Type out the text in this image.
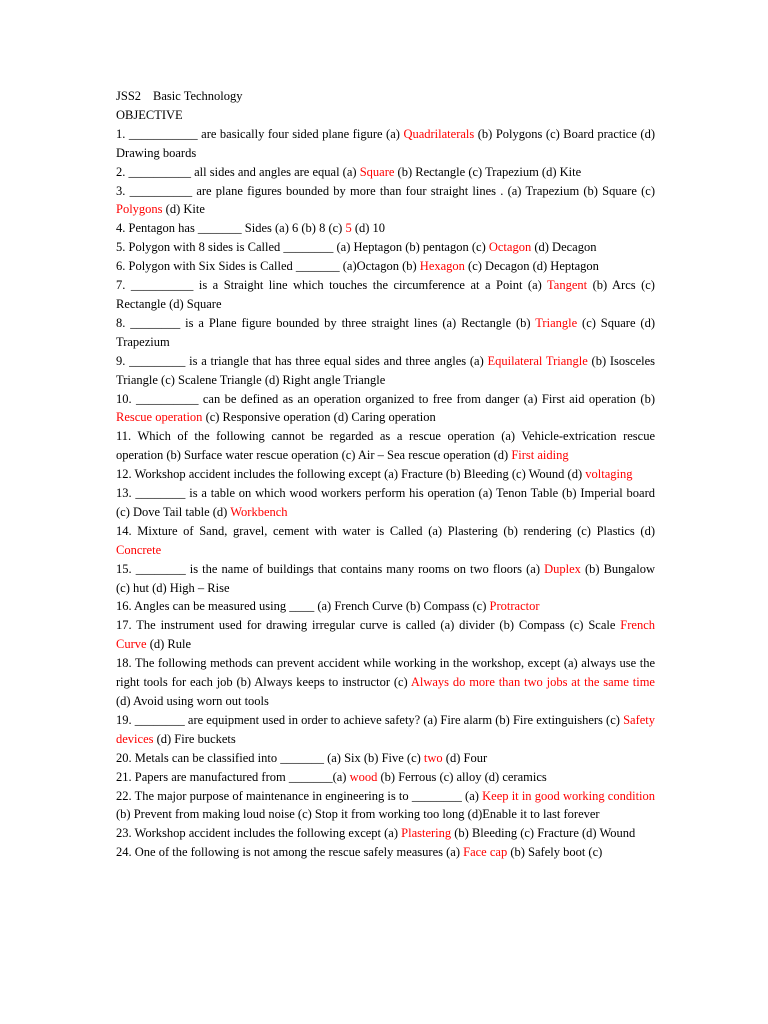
JSS2 Basic Technology
OBJECTIVE

1. ___________ are basically four sided plane figure (a) Quadrilaterals (b) Polygons (c) Board practice (d) Drawing boards

2. __________ all sides and angles are equal (a) Square (b) Rectangle (c) Trapezium (d) Kite

3. __________ are plane figures bounded by more than four straight lines . (a) Trapezium (b) Square (c) Polygons (d) Kite

4. Pentagon has _______ Sides (a) 6 (b) 8 (c) 5 (d) 10

5. Polygon with 8 sides is Called ________ (a) Heptagon (b) pentagon (c) Octagon (d) Decagon

6. Polygon with Six Sides is Called _______ (a)Octagon (b) Hexagon (c) Decagon (d) Heptagon

7. __________ is a Straight line which touches the circumference at a Point (a) Tangent (b) Arcs (c) Rectangle (d) Square

8. ________ is a Plane figure bounded by three straight lines (a) Rectangle (b) Triangle (c) Square (d) Trapezium

9. _________ is a triangle that has three equal sides and three angles (a) Equilateral Triangle (b) Isosceles Triangle (c) Scalene Triangle (d) Right angle Triangle

10. __________ can be defined as an operation organized to free from danger (a) First aid operation (b) Rescue operation (c) Responsive operation (d) Caring operation

11. Which of the following cannot be regarded as a rescue operation (a) Vehicle-extrication rescue operation (b) Surface water rescue operation (c) Air – Sea rescue operation (d) First aiding

12. Workshop accident includes the following except (a) Fracture (b) Bleeding (c) Wound (d) voltaging

13. ________ is a table on which wood workers perform his operation (a) Tenon Table (b) Imperial board (c) Dove Tail table (d) Workbench

14. Mixture of Sand, gravel, cement with water is Called (a) Plastering (b) rendering (c) Plastics (d) Concrete

15. ________ is the name of buildings that contains many rooms on two floors (a) Duplex (b) Bungalow (c) hut (d) High – Rise

16. Angles can be measured using ____ (a) French Curve (b) Compass (c) Protractor

17. The instrument used for drawing irregular curve is called (a) divider (b) Compass (c) Scale French Curve (d) Rule

18. The following methods can prevent accident while working in the workshop, except (a) always use the right tools for each job (b) Always keeps to instructor (c) Always do more than two jobs at the same time (d) Avoid using worn out tools

19. ________ are equipment used in order to achieve safety? (a) Fire alarm (b) Fire extinguishers (c) Safety devices (d) Fire buckets

20. Metals can be classified into _______ (a) Six (b) Five (c) two (d) Four

21. Papers are manufactured from _______(a) wood (b) Ferrous (c) alloy (d) ceramics

22. The major purpose of maintenance in engineering is to ________ (a) Keep it in good working condition (b) Prevent from making loud noise (c) Stop it from working too long (d)Enable it to last forever

23. Workshop accident includes the following except (a) Plastering (b) Bleeding (c) Fracture (d) Wound

24. One of the following is not among the rescue safely measures (a) Face cap (b) Safely boot (c)
